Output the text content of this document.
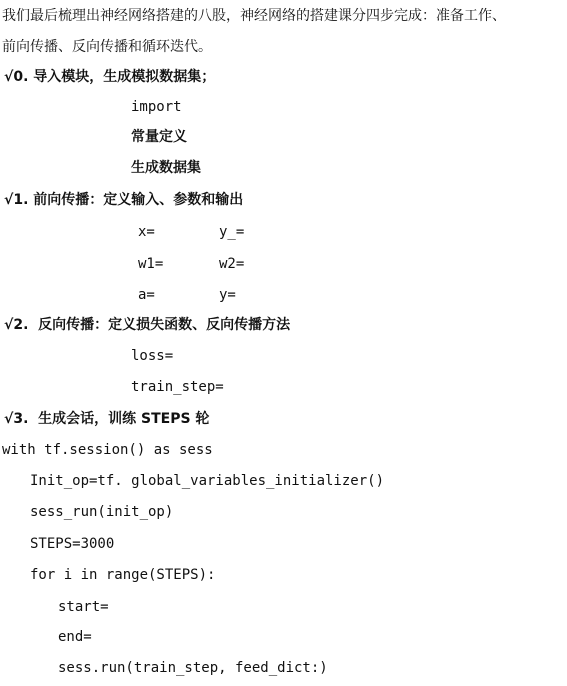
我们最后梳理出神经网络搭建的八股，神经网络的搭建课分四步完成：准备工作、
前向传播、反向传播和循环迭代。
√0. 导入模块，生成模拟数据集；
import
常量定义
生成数据集
√1. 前向传播：定义输入、参数和输出
x=	y_=
w1=	w2=
a=	y=
√2.  反向传播：定义损失函数、反向传播方法
loss=
train_step=
√3.  生成会话，训练 STEPS 轮
with tf.session() as sess
Init_op=tf. global_variables_initializer()
sess_run(init_op)
STEPS=3000
for i in range(STEPS):
start=
end=
sess.run(train_step, feed_dict:)
